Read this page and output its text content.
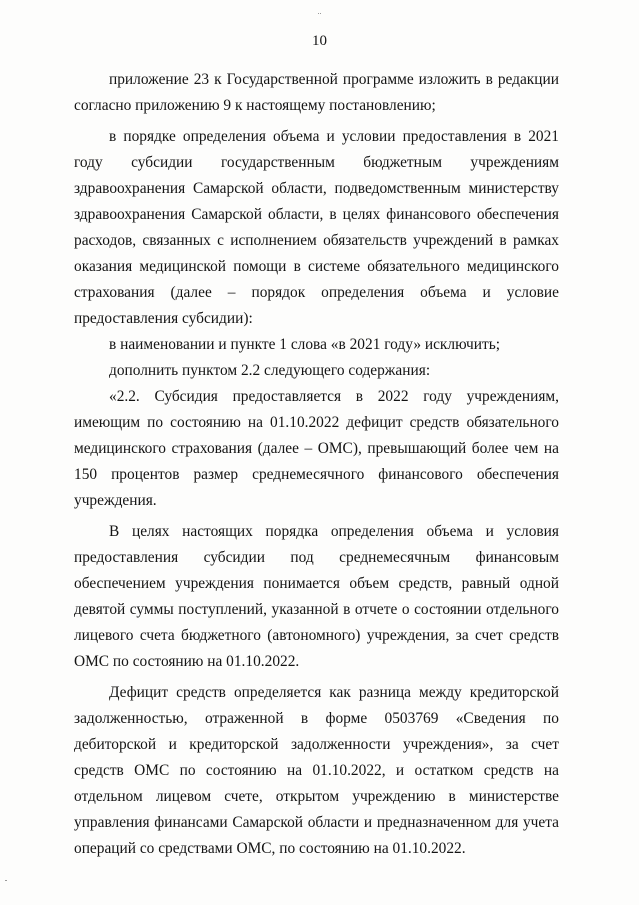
10

приложение 23 к Государственной программе изложить в редакции согласно приложению 9 к настоящему постановлению;

в порядке определения объема и условии предоставления в 2021 году субсидии государственным бюджетным учреждениям здравоохранения Самарской области, подведомственным министерству здравоохранения Самарской области, в целях финансового обеспечения расходов, связанных с исполнением обязательств учреждений в рамках оказания медицинской помощи в системе обязательного медицинского страхования (далее – порядок определения объема и условие предоставления субсидии):

в наименовании и пункте 1 слова «в 2021 году» исключить;

дополнить пунктом 2.2 следующего содержания:

«2.2. Субсидия предоставляется в 2022 году учреждениям, имеющим по состоянию на 01.10.2022 дефицит средств обязательного медицинского страхования (далее – ОМС), превышающий более чем на 150 процентов размер среднемесячного финансового обеспечения учреждения.

В целях настоящих порядка определения объема и условия предоставления субсидии под среднемесячным финансовым обеспечением учреждения понимается объем средств, равный одной девятой суммы поступлений, указанной в отчете о состоянии отдельного лицевого счета бюджетного (автономного) учреждения, за счет средств ОМС по состоянию на 01.10.2022.

Дефицит средств определяется как разница между кредиторской задолженностью, отраженной в форме 0503769 «Сведения по дебиторской и кредиторской задолженности учреждения», за счет средств ОМС по состоянию на 01.10.2022, и остатком средств на отдельном лицевом счете, открытом учреждению в министерстве управления финансами Самарской области и предназначенном для учета операций со средствами ОМС, по состоянию на 01.10.2022.
